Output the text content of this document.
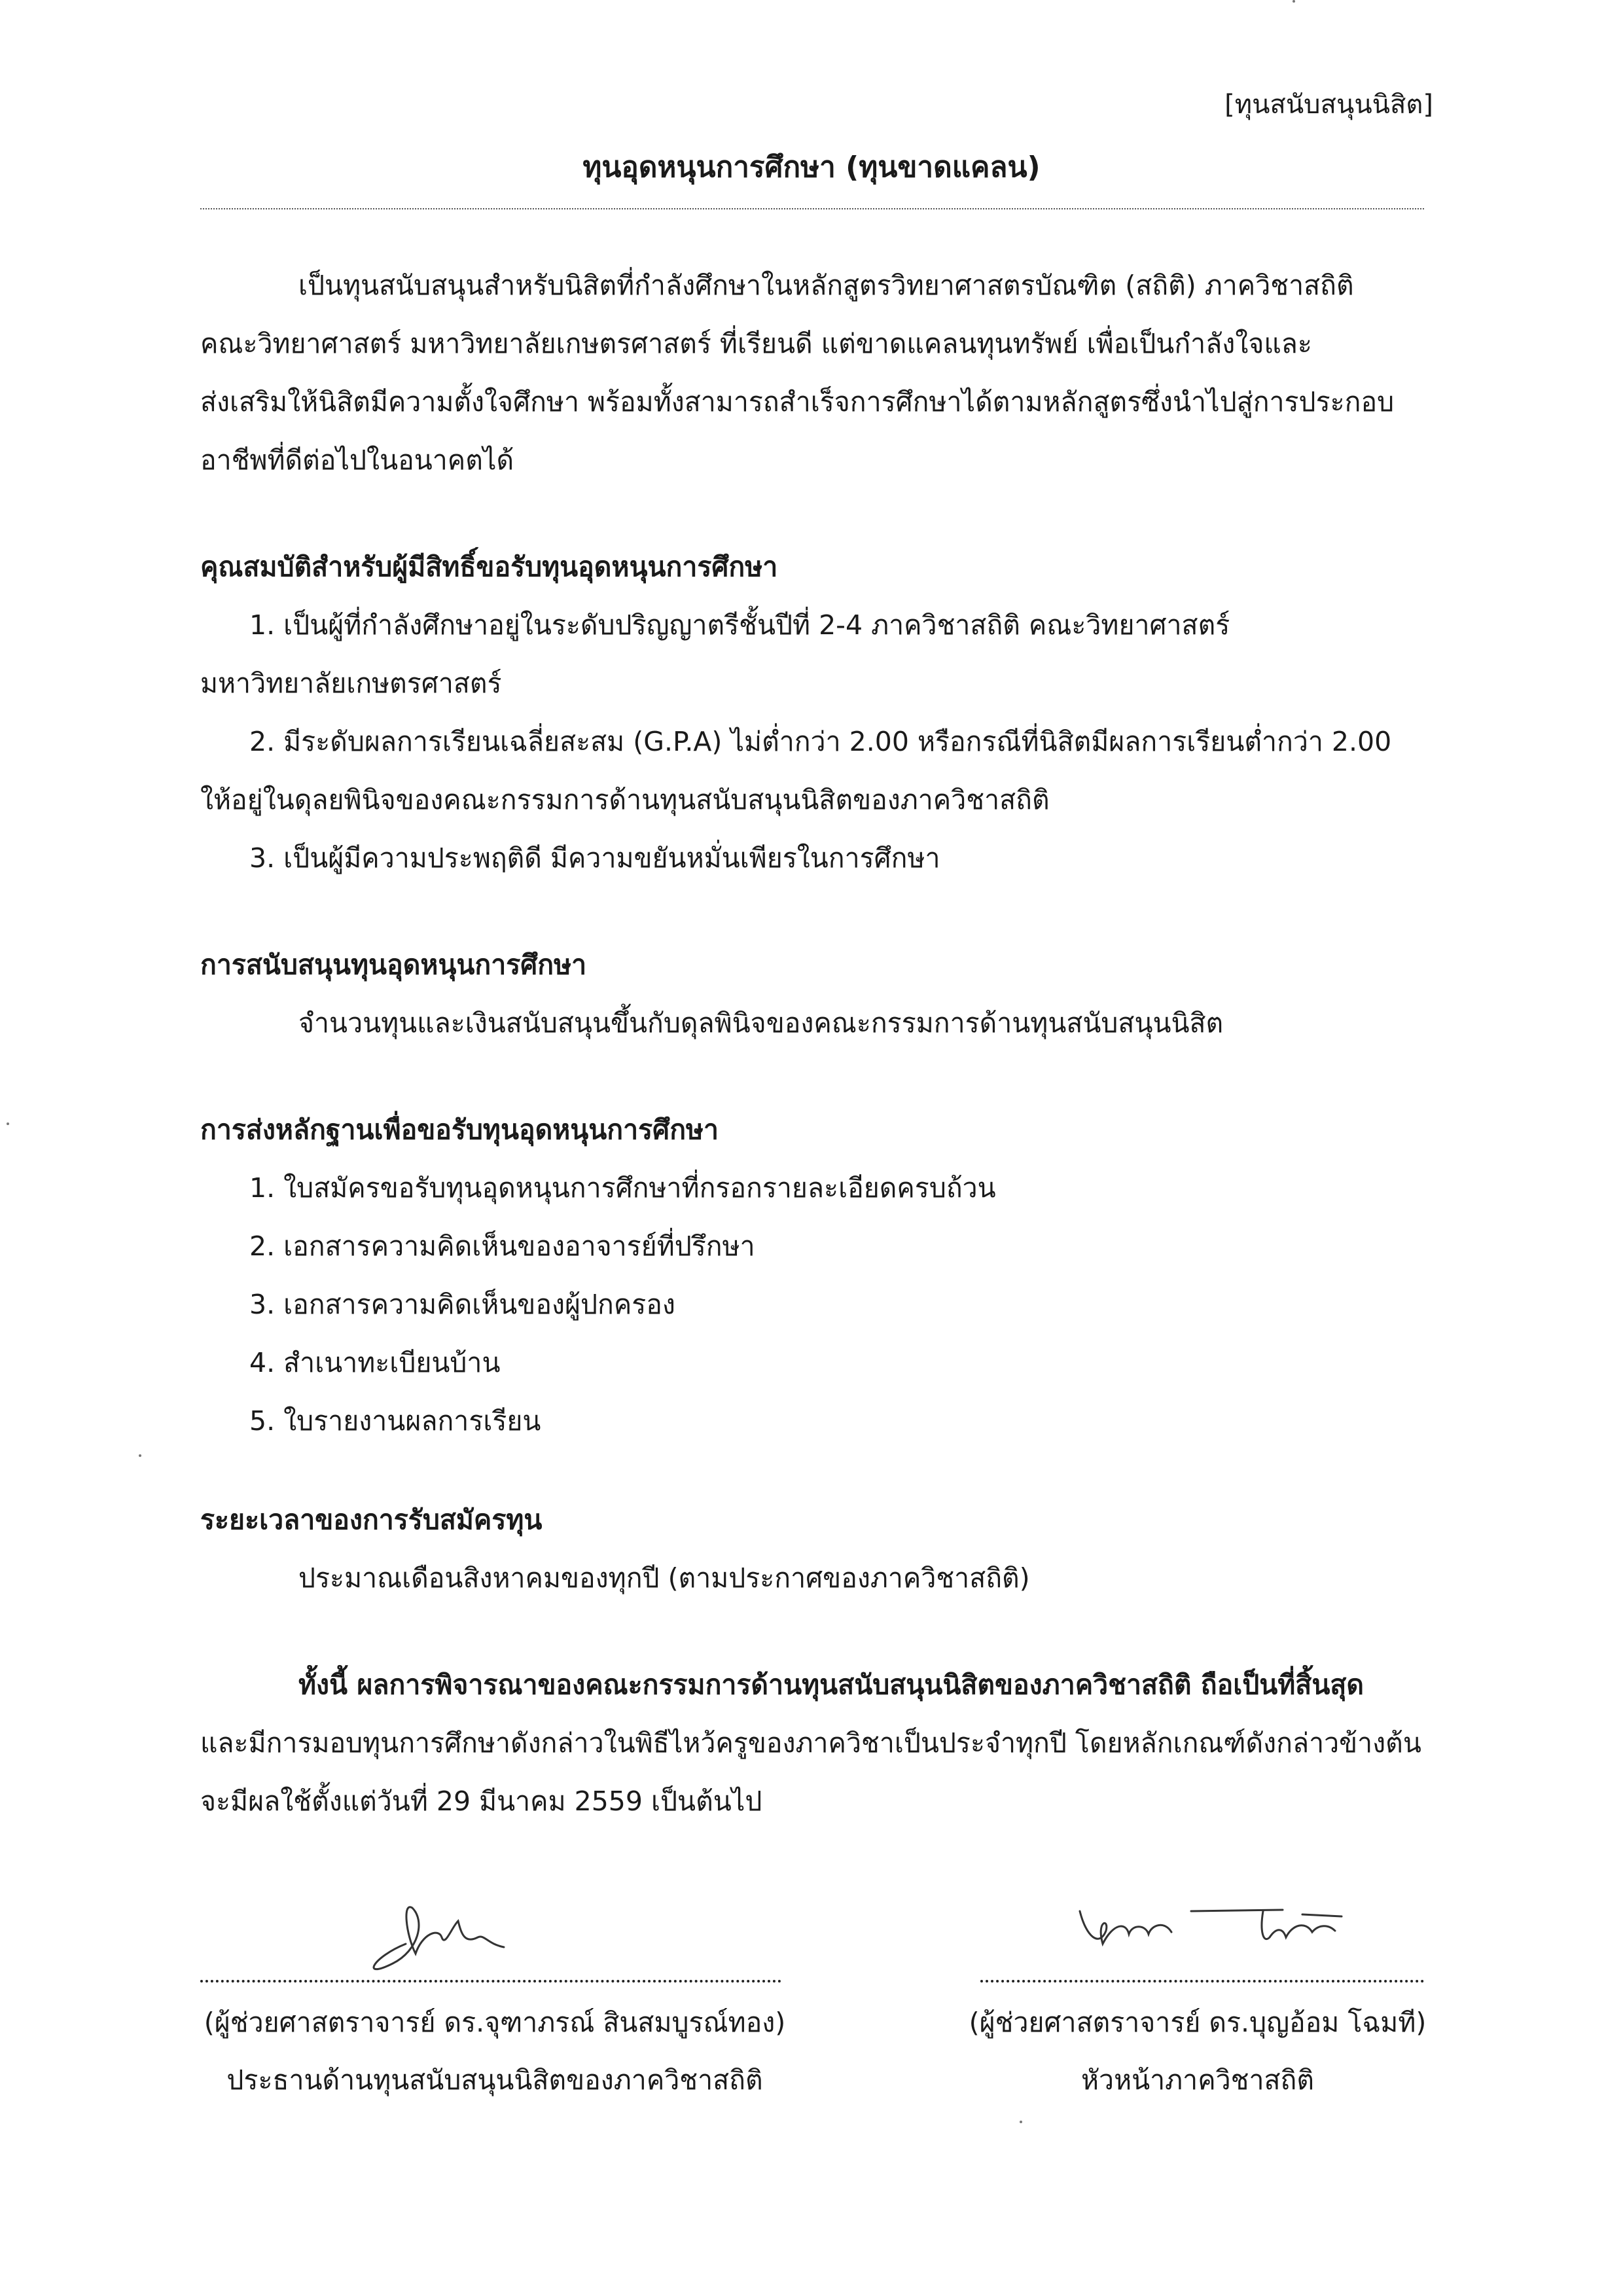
[ทุนสนับสนุนนิสิต]
ทุนอุดหนุนการศึกษา (ทุนขาดแคลน)
เป็นทุนสนับสนุนสำหรับนิสิตที่กำลังศึกษาในหลักสูตรวิทยาศาสตรบัณฑิต (สถิติ) ภาควิชาสถิติ
คณะวิทยาศาสตร์ มหาวิทยาลัยเกษตรศาสตร์ ที่เรียนดี แต่ขาดแคลนทุนทรัพย์ เพื่อเป็นกำลังใจและ
ส่งเสริมให้นิสิตมีความตั้งใจศึกษา พร้อมทั้งสามารถสำเร็จการศึกษาได้ตามหลักสูตรซึ่งนำไปสู่การประกอบ
อาชีพที่ดีต่อไปในอนาคตได้
คุณสมบัติสำหรับผู้มีสิทธิ์ขอรับทุนอุดหนุนการศึกษา
1. เป็นผู้ที่กำลังศึกษาอยู่ในระดับปริญญาตรีชั้นปีที่ 2-4 ภาควิชาสถิติ คณะวิทยาศาสตร์
มหาวิทยาลัยเกษตรศาสตร์
2. มีระดับผลการเรียนเฉลี่ยสะสม (G.P.A) ไม่ต่ำกว่า 2.00 หรือกรณีที่นิสิตมีผลการเรียนต่ำกว่า 2.00
ให้อยู่ในดุลยพินิจของคณะกรรมการด้านทุนสนับสนุนนิสิตของภาควิชาสถิติ
3. เป็นผู้มีความประพฤติดี มีความขยันหมั่นเพียรในการศึกษา
การสนับสนุนทุนอุดหนุนการศึกษา
จำนวนทุนและเงินสนับสนุนขึ้นกับดุลพินิจของคณะกรรมการด้านทุนสนับสนุนนิสิต
การส่งหลักฐานเพื่อขอรับทุนอุดหนุนการศึกษา
1. ใบสมัครขอรับทุนอุดหนุนการศึกษาที่กรอกรายละเอียดครบถ้วน
2. เอกสารความคิดเห็นของอาจารย์ที่ปรึกษา
3. เอกสารความคิดเห็นของผู้ปกครอง
4. สำเนาทะเบียนบ้าน
5. ใบรายงานผลการเรียน
ระยะเวลาของการรับสมัครทุน
ประมาณเดือนสิงหาคมของทุกปี (ตามประกาศของภาควิชาสถิติ)
ทั้งนี้ ผลการพิจารณาของคณะกรรมการด้านทุนสนับสนุนนิสิตของภาควิชาสถิติ ถือเป็นที่สิ้นสุด
และมีการมอบทุนการศึกษาดังกล่าวในพิธีไหว้ครูของภาควิชาเป็นประจำทุกปี โดยหลักเกณฑ์ดังกล่าวข้างต้น
จะมีผลใช้ตั้งแต่วันที่ 29 มีนาคม 2559 เป็นต้นไป
(ผู้ช่วยศาสตราจารย์ ดร.จุฑาภรณ์ สินสมบูรณ์ทอง)
ประธานด้านทุนสนับสนุนนิสิตของภาควิชาสถิติ
(ผู้ช่วยศาสตราจารย์ ดร.บุญอ้อม โฉมที)
หัวหน้าภาควิชาสถิติ
